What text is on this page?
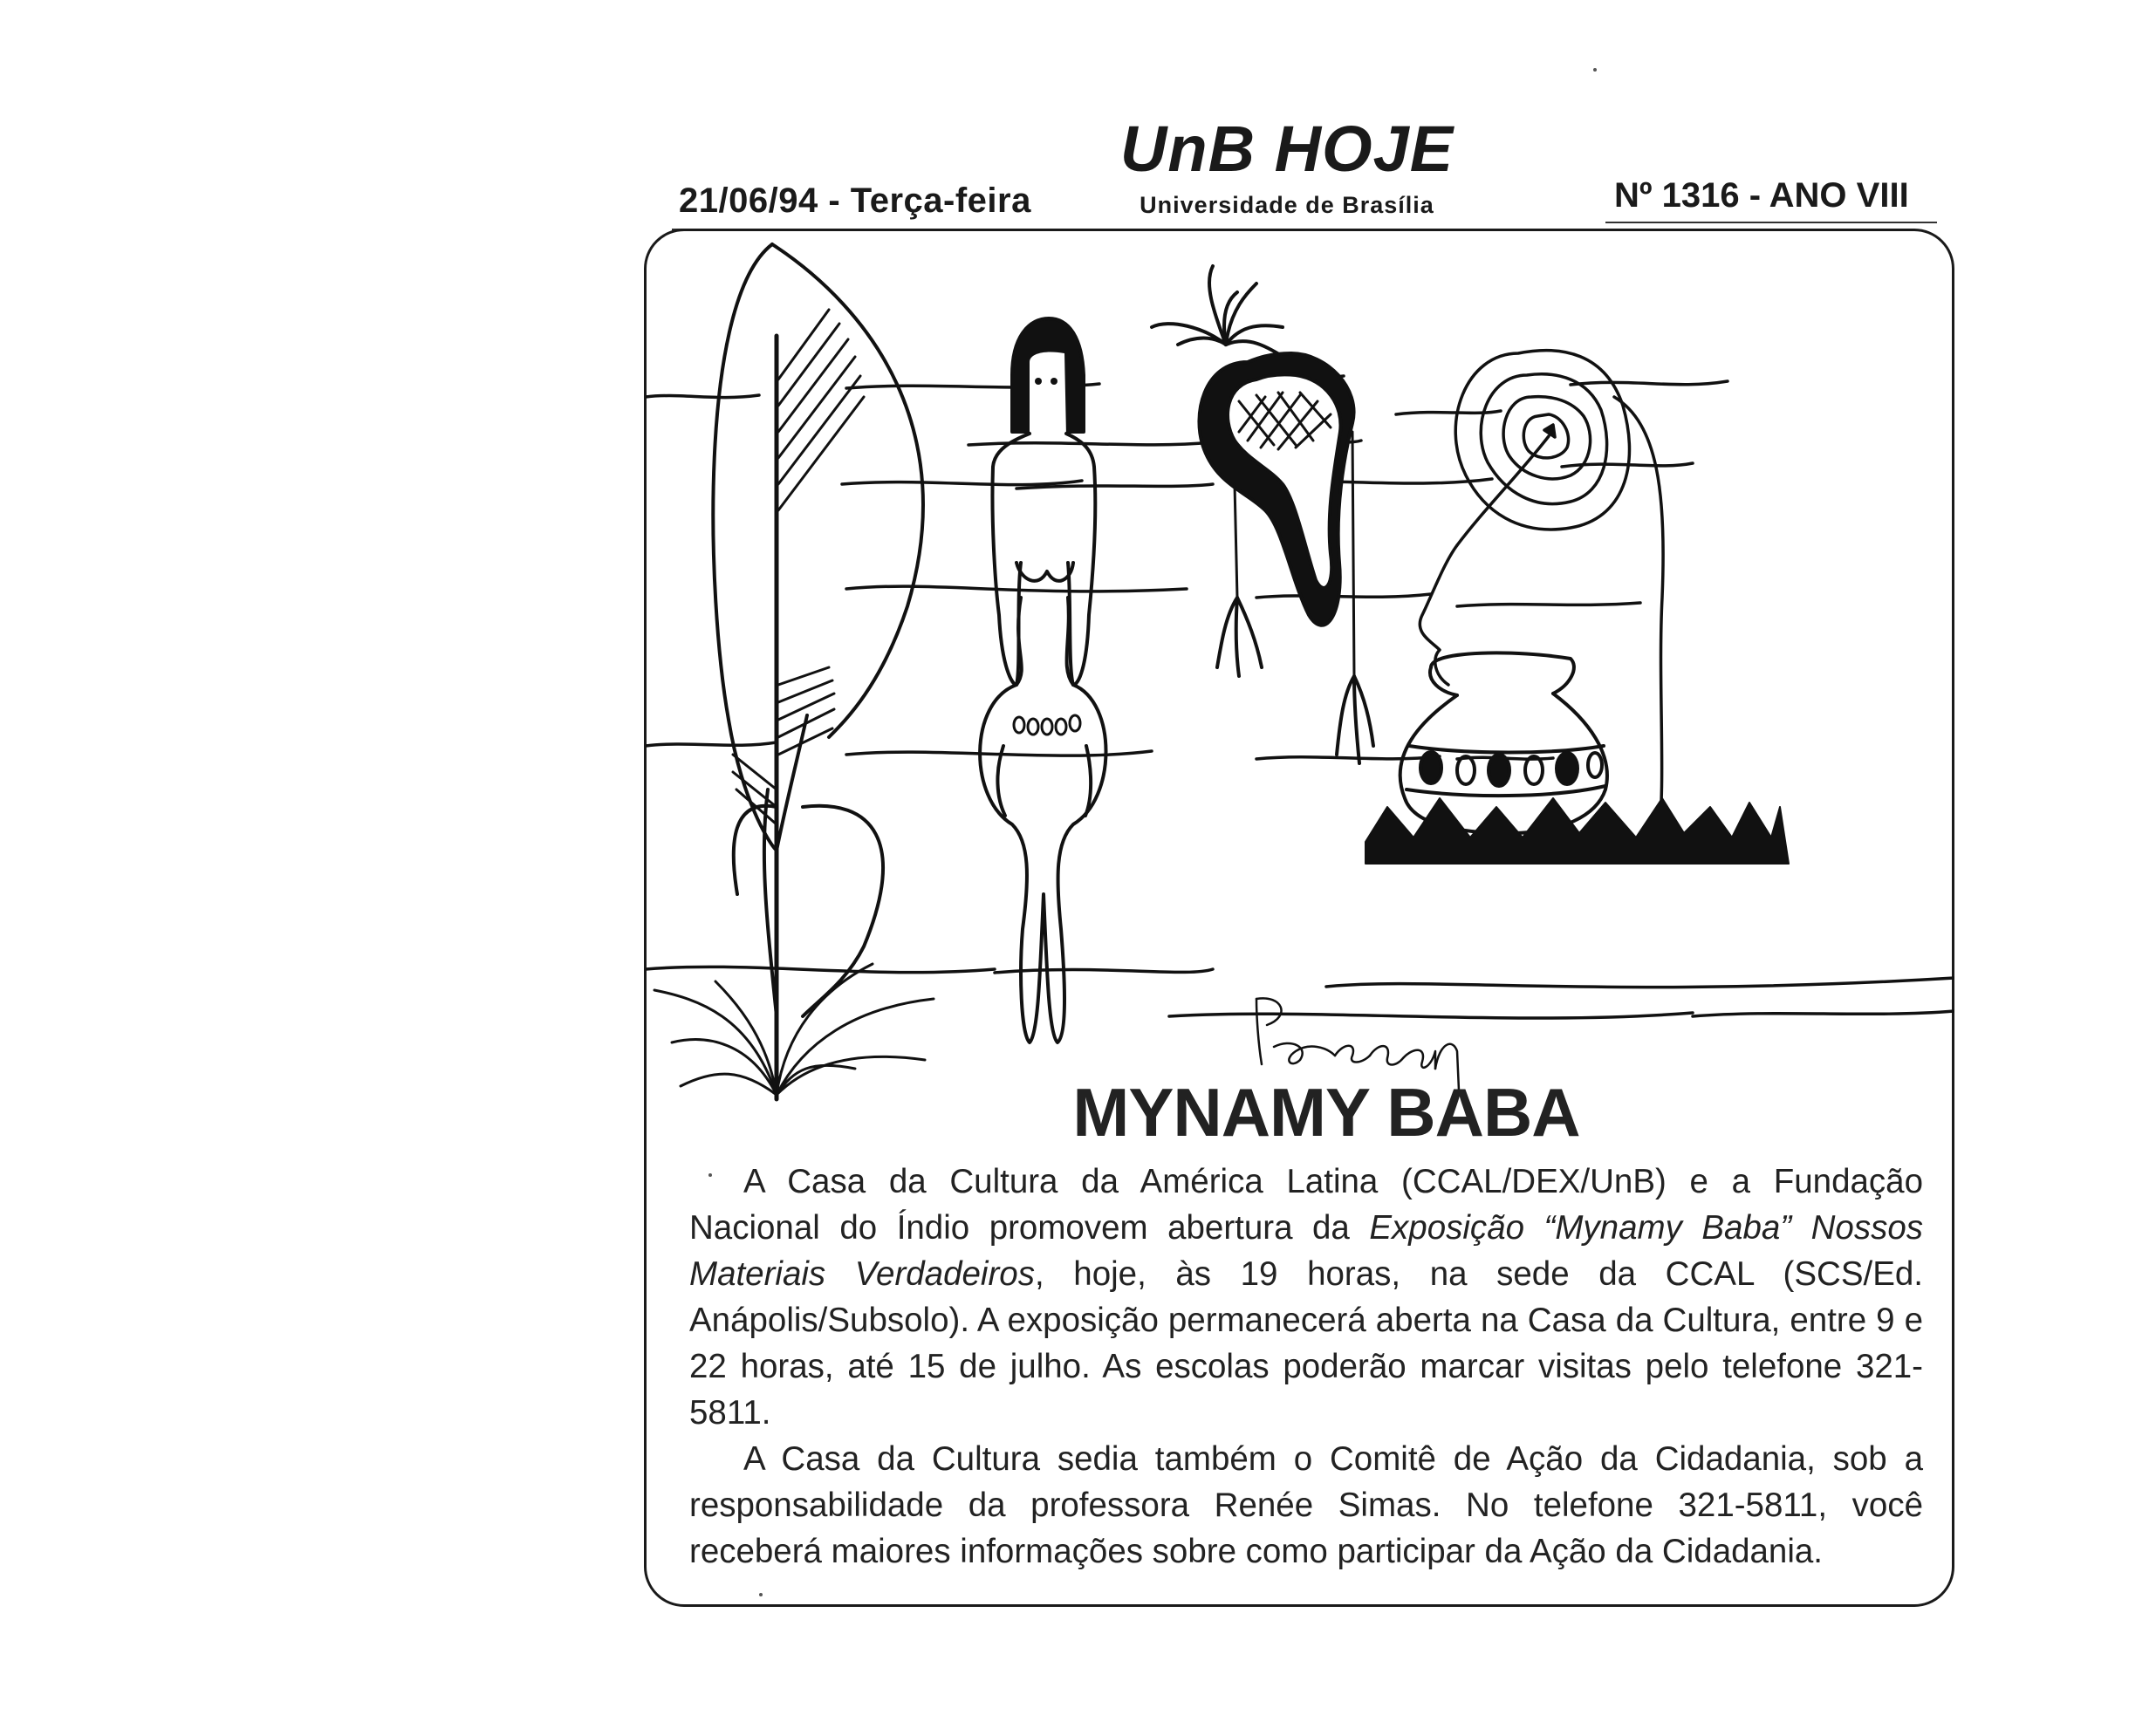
21/06/94 - Terça-feira
UnB HOJE
Universidade de Brasília	Nº 1316 - ANO VIII
MYNAMY BABA

A Casa da Cultura da América Latina (CCAL/DEX/UnB) e a Fundação Nacional do Índio promovem abertura da Exposição “Mynamy Baba” Nossos Materiais Verdadeiros, hoje, às 19 horas, na sede da CCAL (SCS/Ed. Anápolis/Subsolo). A exposição permanecerá aberta na Casa da Cultura, entre 9 e 22 horas, até 15 de julho. As escolas poderão marcar visitas pelo telefone 321-5811.

A Casa da Cultura sedia também o Comitê de Ação da Cidadania, sob a responsabilidade da professora Renée Simas. No telefone 321-5811, você receberá maiores informações sobre como participar da Ação da Cidadania.
